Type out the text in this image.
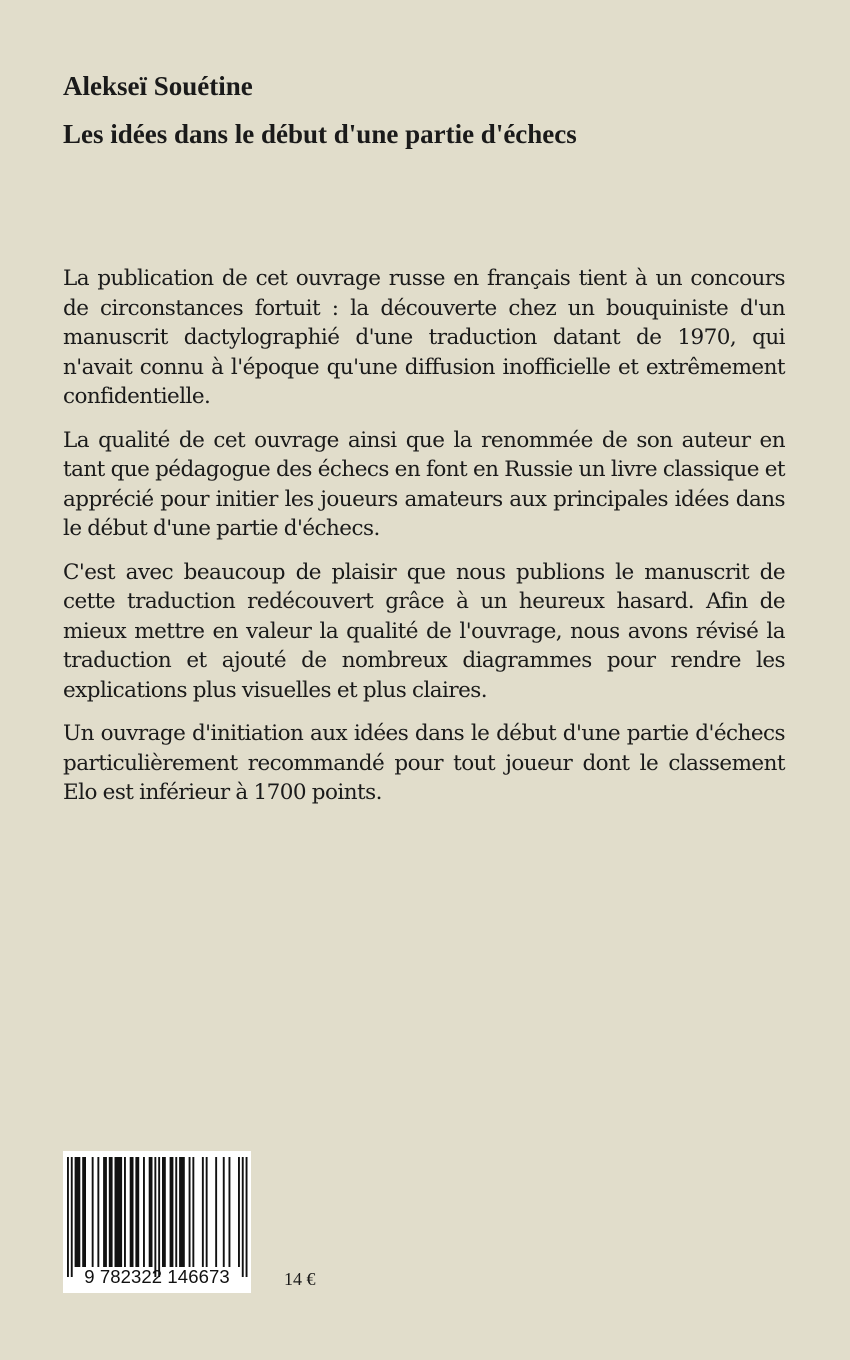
Alekseï Souétine
Les idées dans le début d'une partie d'échecs

La publication de cet ouvrage russe en français tient à un concours de circonstances fortuit : la découverte chez un bouquiniste d'un manuscrit dactylographié d'une traduction datant de 1970, qui n'avait connu à l'époque qu'une diffusion inofficielle et extrêmement confidentielle.

La qualité de cet ouvrage ainsi que la renommée de son auteur en tant que pédagogue des échecs en font en Russie un livre classique et apprécié pour initier les joueurs amateurs aux principales idées dans le début d'une partie d'échecs.

C'est avec beaucoup de plaisir que nous publions le manuscrit de cette traduction redécouvert grâce à un heureux hasard. Afin de mieux mettre en valeur la qualité de l'ouvrage, nous avons révisé la traduction et ajouté de nombreux diagrammes pour rendre les explications plus visuelles et plus claires.

Un ouvrage d'initiation aux idées dans le début d'une partie d'échecs particulièrement recommandé pour tout joueur dont le classement Elo est inférieur à 1700 points.

9 782322 146673	14 €
